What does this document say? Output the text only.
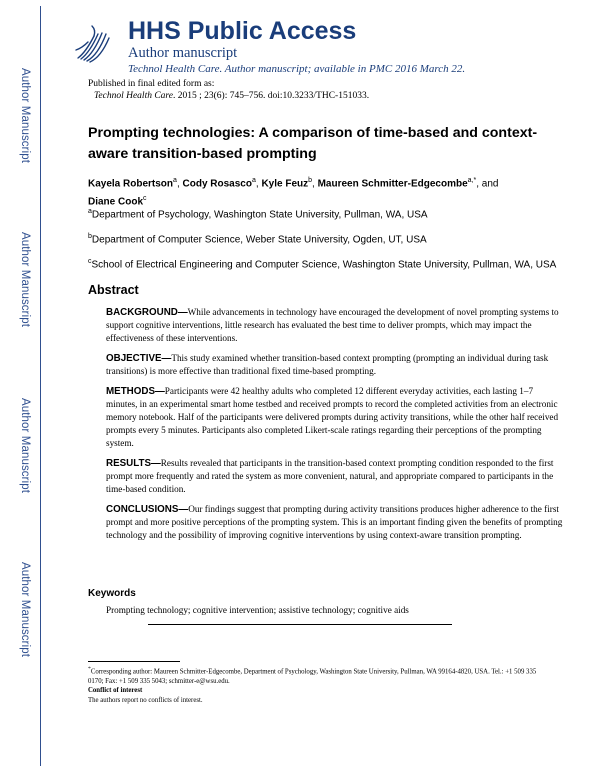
Author Manuscript
Author Manuscript
Author Manuscript
Author Manuscript
HHS Public Access

Author manuscript

Technol Health Care. Author manuscript; available in PMC 2016 March 22.

Published in final edited form as:
Technol Health Care. 2015 ; 23(6): 745–756. doi:10.3233/THC-151033.
Prompting technologies: A comparison of time-based and context-aware transition-based prompting
Kayela Robertson$^a$, Cody Rosasco$^a$, Kyle Feuz$^b$, Maureen Schmitter-Edgecombe$^{a,*}$, and
Diane Cook$^c$

$^a$Department of Psychology, Washington State University, Pullman, WA, USA

$^b$Department of Computer Science, Weber State University, Ogden, UT, USA

$^c$School of Electrical Engineering and Computer Science, Washington State University, Pullman, WA, USA

Abstract

BACKGROUND—While advancements in technology have encouraged the development of novel prompting systems to support cognitive interventions, little research has evaluated the best time to deliver prompts, which may impact the effectiveness of these interventions.

OBJECTIVE—This study examined whether transition-based context prompting (prompting an individual during task transitions) is more effective than traditional fixed time-based prompting.

METHODS—Participants were 42 healthy adults who completed 12 different everyday activities, each lasting 1–7 minutes, in an experimental smart home testbed and received prompts to record the completed activities from an electronic memory notebook. Half of the participants were delivered prompts during activity transitions, while the other half received prompts every 5 minutes. Participants also completed Likert-scale ratings regarding their perceptions of the prompting system.

RESULTS—Results revealed that participants in the transition-based context prompting condition responded to the first prompt more frequently and rated the system as more convenient, natural, and appropriate compared to participants in the time-based condition.

CONCLUSIONS—Our findings suggest that prompting during activity transitions produces higher adherence to the first prompt and more positive perceptions of the prompting system. This is an important finding given the benefits of prompting technology and the possibility of improving cognitive interventions by using context-aware transition prompting.

Keywords
Prompting technology; cognitive intervention; assistive technology; cognitive aids

*Corresponding author: Maureen Schmitter-Edgecombe, Department of Psychology, Washington State University, Pullman, WA 99164-4820, USA. Tel.: +1 509 335 0170; Fax: +1 509 335 5043; schmitter-e@wsu.edu.

Conflict of interest

The authors report no conflicts of interest.
